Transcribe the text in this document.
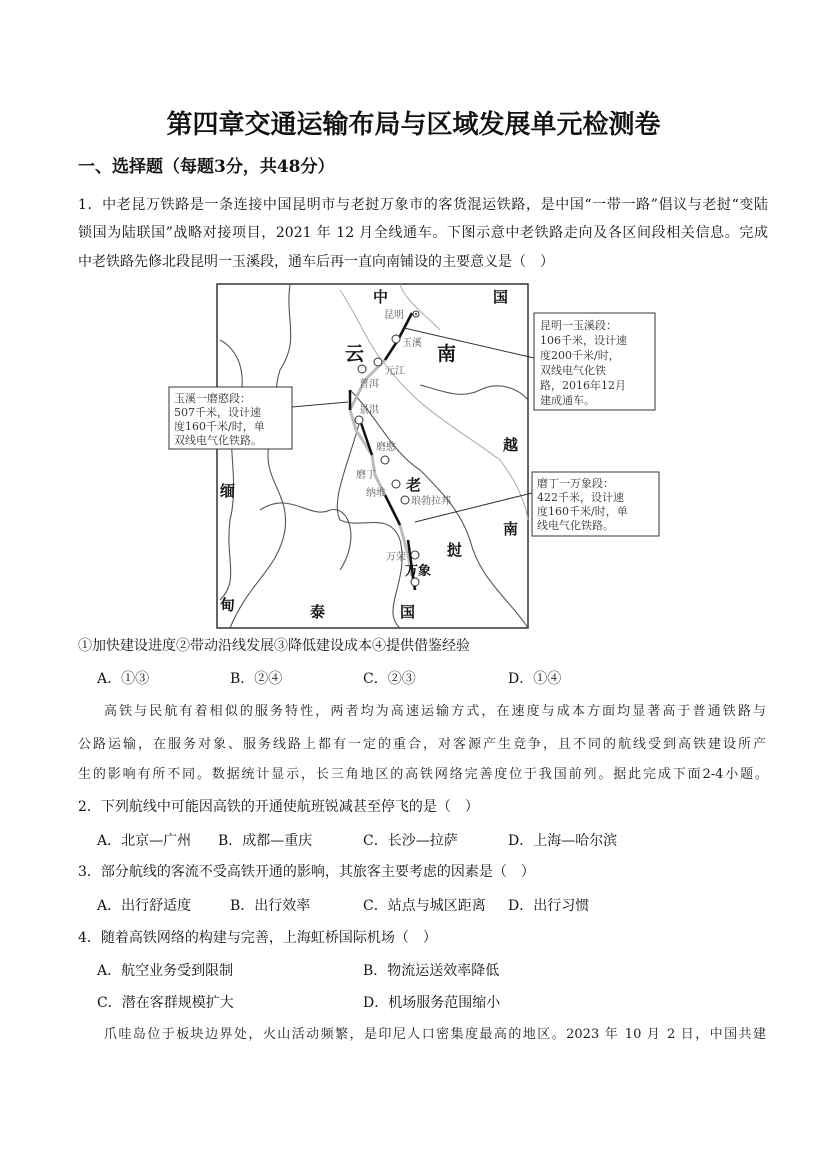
第四章交通运输布局与区域发展单元检测卷
一、选择题（每题3分，共48分）
1．中老昆万铁路是一条连接中国昆明市与老挝万象市的客货混运铁路，是中国“一带一路”倡议与老挝“变陆
锁国为陆联国”战略对接项目，2021 年 12 月全线通车。下图示意中老铁路走向及各区间段相关信息。完成
中老铁路先修北段昆明一玉溪段，通车后再一直向南铺设的主要意义是（　）
中	国
云	南
越
南
缅
甸
老
挝
泰	国
昆明
玉溪
元江
普洱
景洪
磨憨
磨丁
纳堆
琅勃拉邦
万荣
万象
昆明一玉溪段：
106千米，设计速
度200千米/时，
双线电气化铁
路，2016年12月
建成通车。
玉溪一磨憨段：
507千米，设计速
度160千米/时，单
双线电气化铁路。
磨丁一万象段：
422千米，设计速
度160千米/时，单
线电气化铁路。
①加快建设进度②带动沿线发展③降低建设成本④提供借鉴经验
A．①③	B．②④	C．②③	D．①④
高铁与民航有着相似的服务特性，两者均为高速运输方式，在速度与成本方面均显著高于普通铁路与
公路运输，在服务对象、服务线路上都有一定的重合，对客源产生竞争，且不同的航线受到高铁建设所产
生的影响有所不同。数据统计显示，长三角地区的高铁网络完善度位于我国前列。据此完成下面2-4小题。
2．下列航线中可能因高铁的开通使航班锐减甚至停飞的是（　）
A．北京—广州 B．成都—重庆	C．长沙—拉萨	D．上海—哈尔滨
3．部分航线的客流不受高铁开通的影响，其旅客主要考虑的因素是（　）
A．出行舒适度	B．出行效率	C．站点与城区距离 D．出行习惯
4．随着高铁网络的构建与完善，上海虹桥国际机场（　）
A．航空业务受到限制	B．物流运送效率降低
C．潜在客群规模扩大	D．机场服务范围缩小
爪哇岛位于板块边界处，火山活动频繁，是印尼人口密集度最高的地区。2023 年 10 月 2 日，中国共建
